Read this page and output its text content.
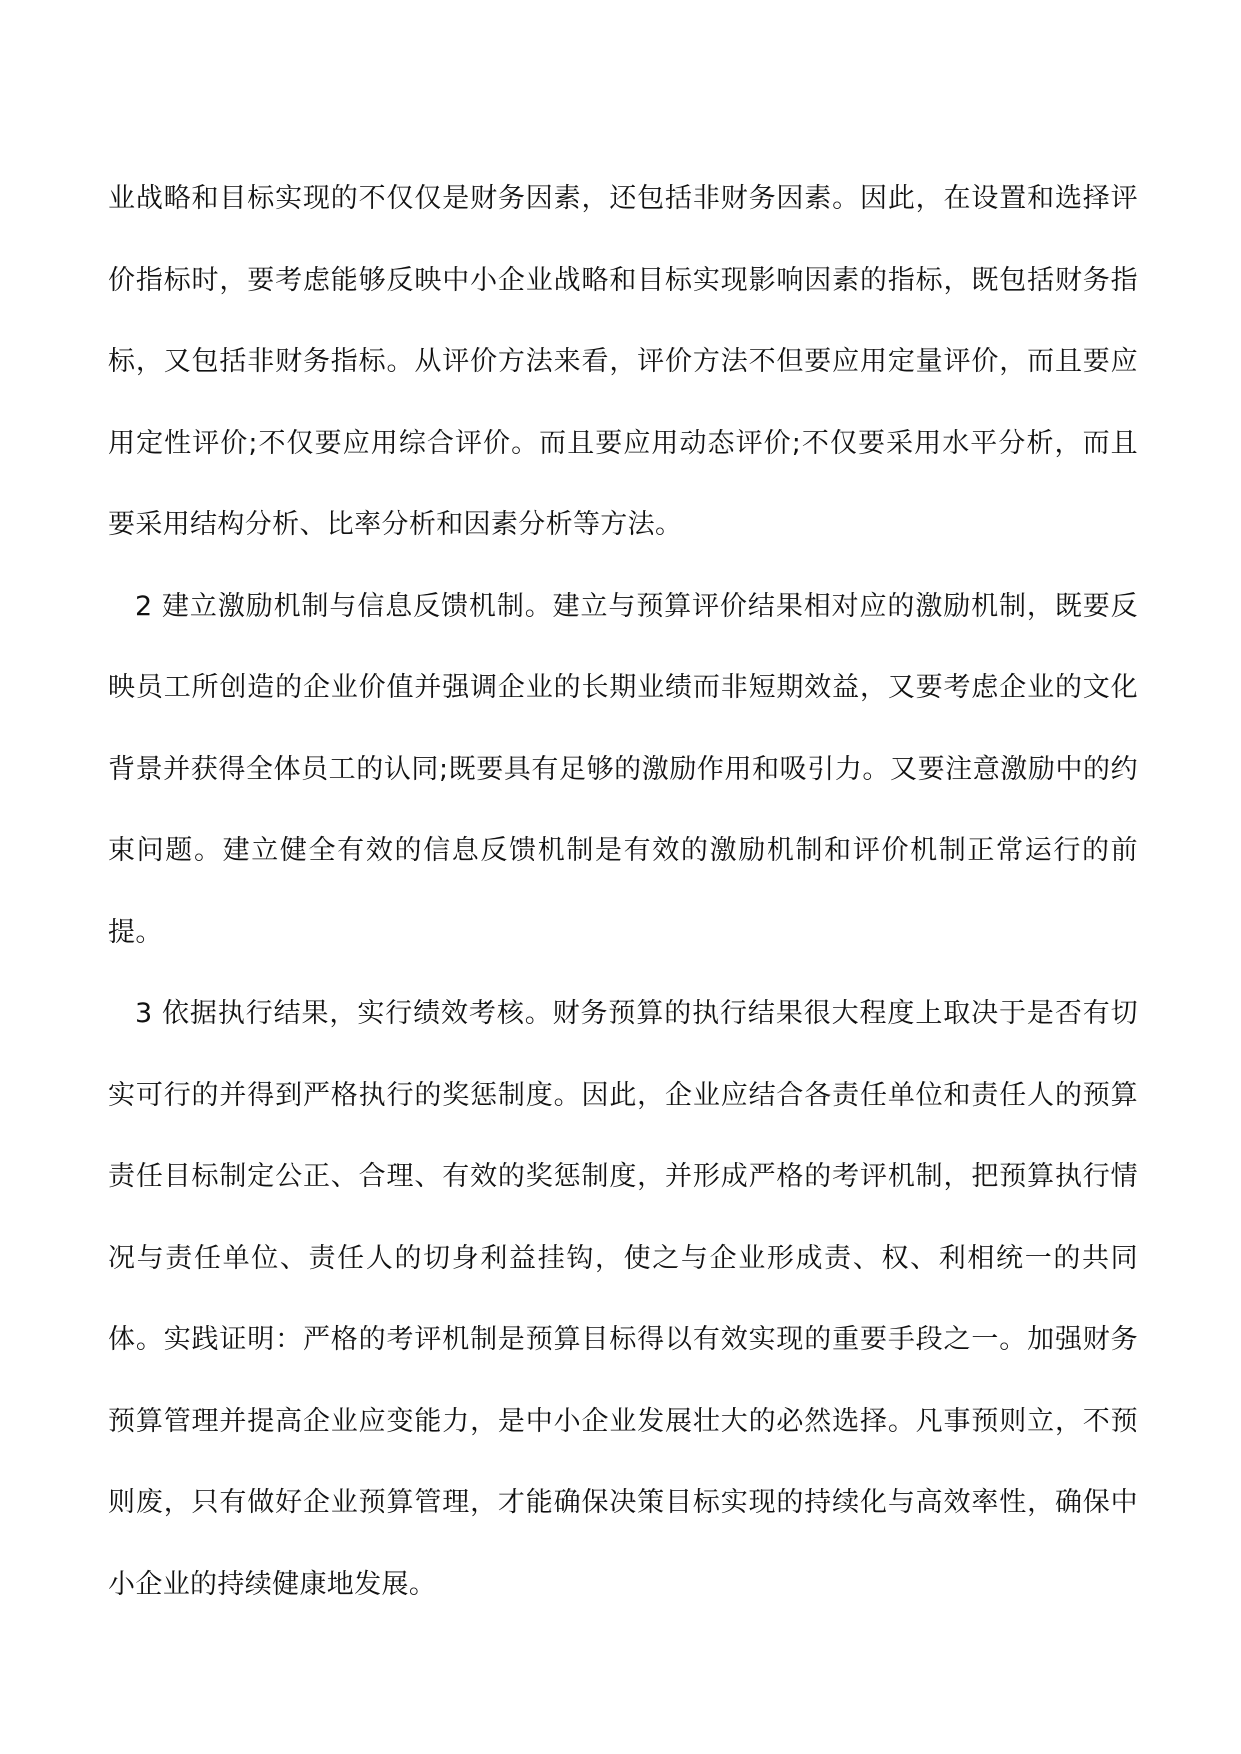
业战略和目标实现的不仅仅是财务因素，还包括非财务因素。因此，在设置和选择评价指标时，要考虑能够反映中小企业战略和目标实现影响因素的指标，既包括财务指标，又包括非财务指标。从评价方法来看，评价方法不但要应用定量评价，而且要应用定性评价;不仅要应用综合评价。而且要应用动态评价;不仅要采用水平分析，而且要采用结构分析、比率分析和因素分析等方法。

2 建立激励机制与信息反馈机制。建立与预算评价结果相对应的激励机制，既要反映员工所创造的企业价值并强调企业的长期业绩而非短期效益，又要考虑企业的文化背景并获得全体员工的认同;既要具有足够的激励作用和吸引力。又要注意激励中的约束问题。建立健全有效的信息反馈机制是有效的激励机制和评价机制正常运行的前提。

3 依据执行结果，实行绩效考核。财务预算的执行结果很大程度上取决于是否有切实可行的并得到严格执行的奖惩制度。因此，企业应结合各责任单位和责任人的预算责任目标制定公正、合理、有效的奖惩制度，并形成严格的考评机制，把预算执行情况与责任单位、责任人的切身利益挂钩，使之与企业形成责、权、利相统一的共同体。实践证明：严格的考评机制是预算目标得以有效实现的重要手段之一。加强财务预算管理并提高企业应变能力，是中小企业发展壮大的必然选择。凡事预则立，不预则废，只有做好企业预算管理，才能确保决策目标实现的持续化与高效率性，确保中小企业的持续健康地发展。
